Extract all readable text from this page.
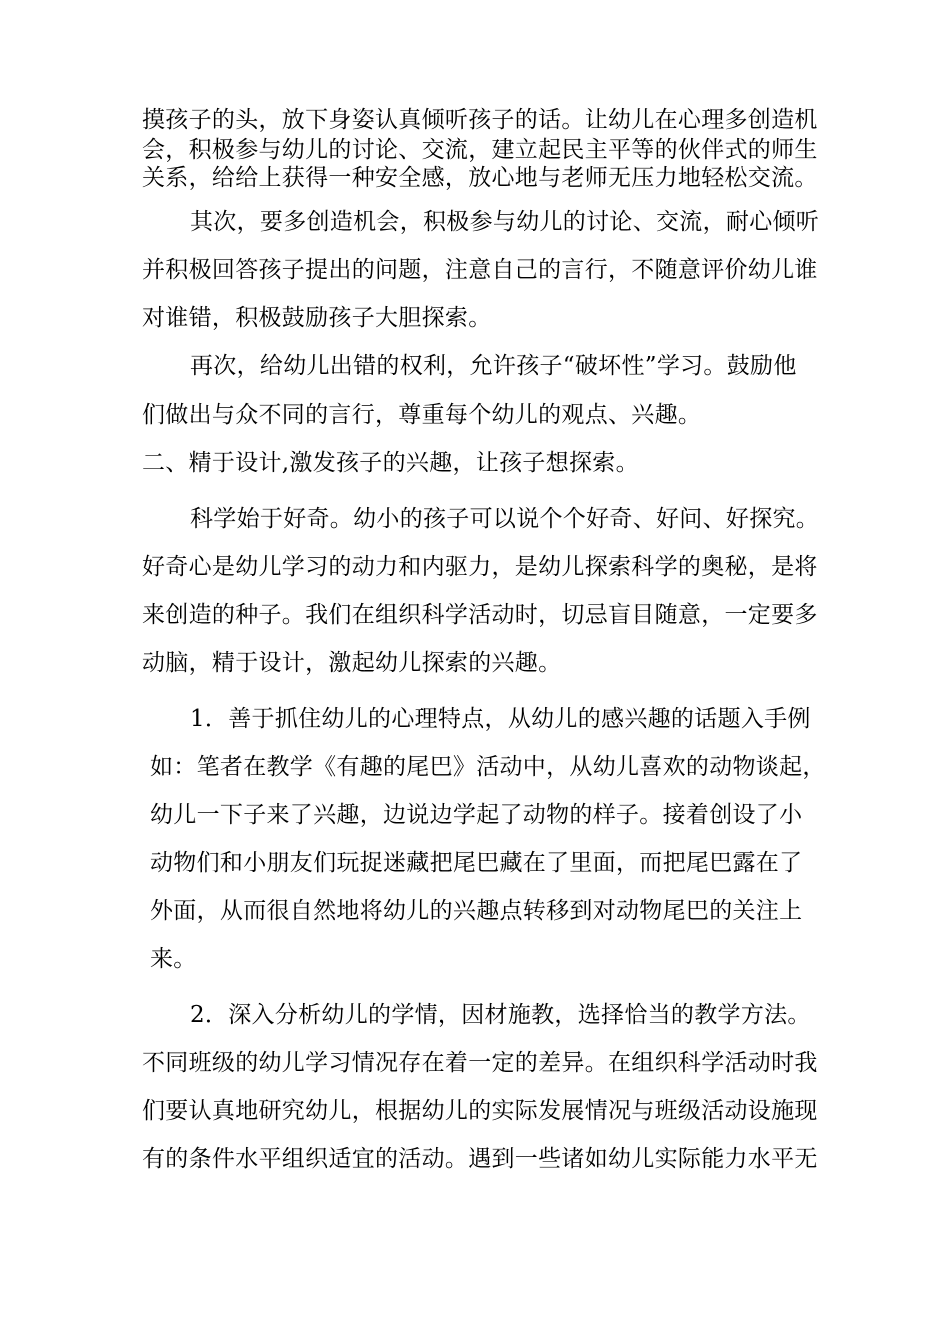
摸孩子的头，放下身姿认真倾听孩子的话。让幼儿在心理多创造机
会，积极参与幼儿的讨论、交流，建立起民主平等的伙伴式的师生
关系，给给上获得一种安全感，放心地与老师无压力地轻松交流。
其次，要多创造机会，积极参与幼儿的讨论、交流，耐心倾听
并积极回答孩子提出的问题，注意自己的言行，不随意评价幼儿谁
对谁错，积极鼓励孩子大胆探索。
再次，给幼儿出错的权利，允许孩子“破坏性”学习。鼓励他
们做出与众不同的言行，尊重每个幼儿的观点、兴趣。
二、精于设计,激发孩子的兴趣，让孩子想探索。
科学始于好奇。幼小的孩子可以说个个好奇、好问、好探究。
好奇心是幼儿学习的动力和内驱力，是幼儿探索科学的奥秘，是将
来创造的种子。我们在组织科学活动时，切忌盲目随意，一定要多
动脑，精于设计，激起幼儿探索的兴趣。
1．善于抓住幼儿的心理特点，从幼儿的感兴趣的话题入手例
如：笔者在教学《有趣的尾巴》活动中，从幼儿喜欢的动物谈起，
幼儿一下子来了兴趣，边说边学起了动物的样子。接着创设了小
动物们和小朋友们玩捉迷藏把尾巴藏在了里面，而把尾巴露在了
外面，从而很自然地将幼儿的兴趣点转移到对动物尾巴的关注上
来。
2．深入分析幼儿的学情，因材施教，选择恰当的教学方法。
不同班级的幼儿学习情况存在着一定的差异。在组织科学活动时我
们要认真地研究幼儿，根据幼儿的实际发展情况与班级活动设施现
有的条件水平组织适宜的活动。遇到一些诸如幼儿实际能力水平无
